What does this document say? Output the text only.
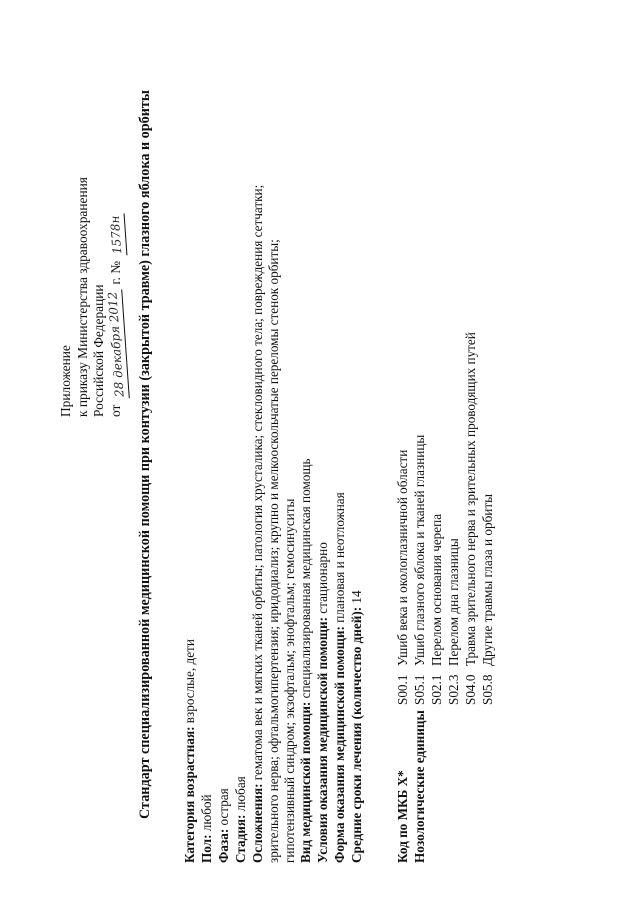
Приложение к приказу Министерства здравоохранения Российской Федерации от 28 декабря 2012 г. № 1578н Стандарт специализированной медицинской помощи при контузии (закрытой травме) глазного яблока и орбиты Категория возрастная: взрослые, дети
Пол: любой
Фаза: острая
Стадия: любая Осложнения: гематома век и мягких тканей орбиты; патология хрусталика; стекловидного тела; повреждения сетчатки; зрительного нерва; офтальмогипертензия; иридодиализ; крупно и мелкооскольчатые переломы стенок орбиты; гипотензивный синдром; экзофтальм; энофтальм; гемосинуситы Вид медицинской помощи: специализированная медицинская помощь
Условия оказания медицинской помощи: стационарно
Форма оказания медицинской помощи: плановая и неотложная
Средние сроки лечения (количество дней): 14
Код по МКБ X* Нозологические единицы
S00.1
Ушиб века и окологлазничной области
S05.1
Ушиб глазного яблока и тканей глазницы
S02.1
Перелом основания черепа
S02.3
Перелом дна глазницы
S04.0
Травма зрительного нерва и зрительных проводящих путей
S05.8
Другие травмы глаза и орбиты
